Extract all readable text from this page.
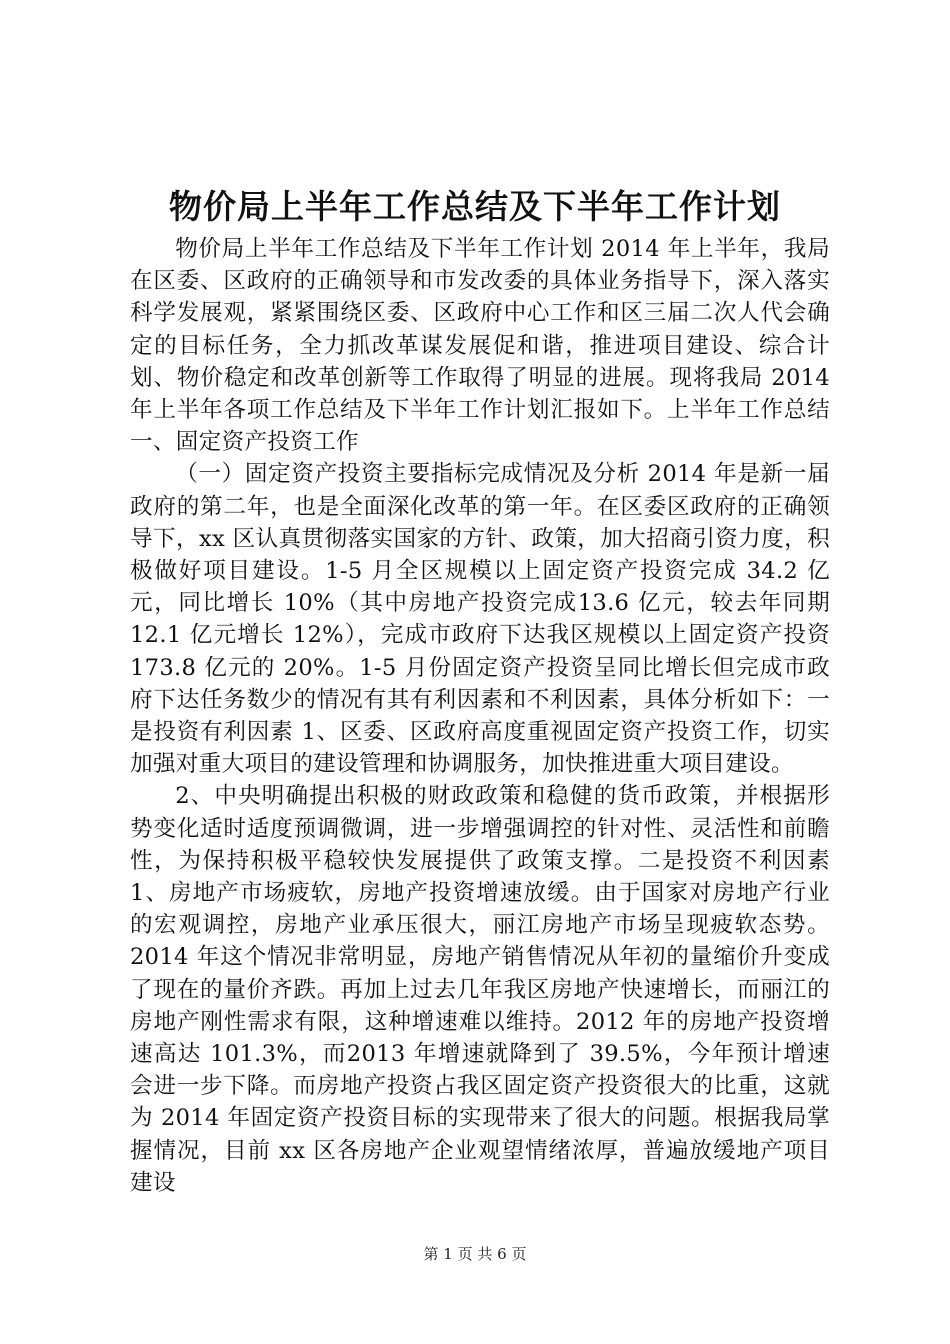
物价局上半年工作总结及下半年工作计划

物价局上半年工作总结及下半年工作计划 2014 年上半年，我局在区委、区政府的正确领导和市发改委的具体业务指导下，深入落实科学发展观，紧紧围绕区委、区政府中心工作和区三届二次人代会确定的目标任务，全力抓改革谋发展促和谐，推进项目建设、综合计划、物价稳定和改革创新等工作取得了明显的进展。现将我局 2014 年上半年各项工作总结及下半年工作计划汇报如下。上半年工作总结一、固定资产投资工作

（一）固定资产投资主要指标完成情况及分析 2014 年是新一届政府的第二年，也是全面深化改革的第一年。在区委区政府的正确领导下，xx 区认真贯彻落实国家的方针、政策，加大招商引资力度，积极做好项目建设。1-5 月全区规模以上固定资产投资完成 34.2 亿元，同比增长 10%（其中房地产投资完成13.6 亿元，较去年同期 12.1 亿元增长 12%），完成市政府下达我区规模以上固定资产投资 173.8 亿元的 20%。1-5 月份固定资产投资呈同比增长但完成市政府下达任务数少的情况有其有利因素和不利因素，具体分析如下：一是投资有利因素 1、区委、区政府高度重视固定资产投资工作，切实加强对重大项目的建设管理和协调服务，加快推进重大项目建设。

2、中央明确提出积极的财政政策和稳健的货币政策，并根据形势变化适时适度预调微调，进一步增强调控的针对性、灵活性和前瞻性，为保持积极平稳较快发展提供了政策支撑。二是投资不利因素 1、房地产市场疲软，房地产投资增速放缓。由于国家对房地产行业的宏观调控，房地产业承压很大，丽江房地产市场呈现疲软态势。2014 年这个情况非常明显，房地产销售情况从年初的量缩价升变成了现在的量价齐跌。再加上过去几年我区房地产快速增长，而丽江的房地产刚性需求有限，这种增速难以维持。2012 年的房地产投资增速高达 101.3%，而2013 年增速就降到了 39.5%，今年预计增速会进一步下降。而房地产投资占我区固定资产投资很大的比重，这就为 2014 年固定资产投资目标的实现带来了很大的问题。根据我局掌握情况，目前 xx 区各房地产企业观望情绪浓厚，普遍放缓地产项目建设

第 1 页 共 6 页
